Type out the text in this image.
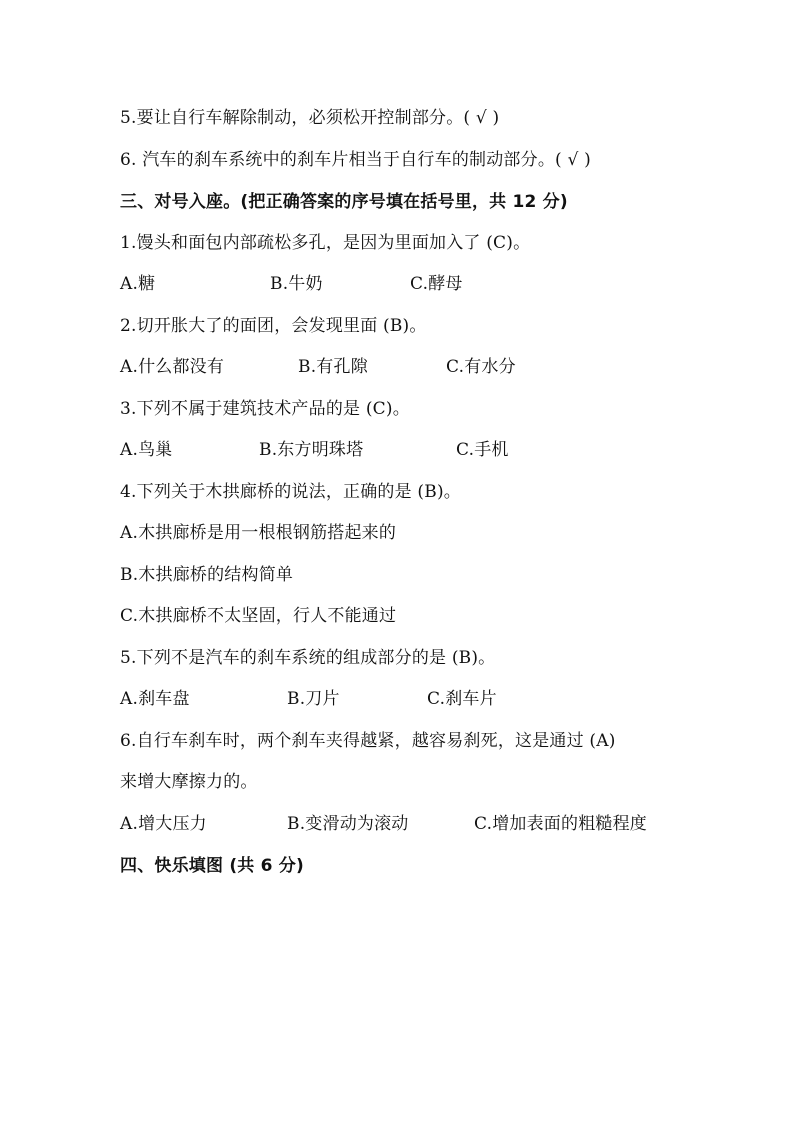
5.要让自行车解除制动，必须松开控制部分。( √ )
6. 汽车的刹车系统中的刹车片相当于自行车的制动部分。( √ )
三、对号入座。(把正确答案的序号填在括号里，共 12 分)
1.馒头和面包内部疏松多孔，是因为里面加入了 (C)。
A.糖	B.牛奶	C.酵母
2.切开胀大了的面团，会发现里面 (B)。
A.什么都没有	B.有孔隙	C.有水分
3.下列不属于建筑技术产品的是 (C)。
A.鸟巢	B.东方明珠塔	C.手机
4.下列关于木拱廊桥的说法，正确的是 (B)。
A.木拱廊桥是用一根根钢筋搭起来的
B.木拱廊桥的结构简单
C.木拱廊桥不太坚固，行人不能通过
5.下列不是汽车的刹车系统的组成部分的是 (B)。
A.刹车盘	B.刀片	C.刹车片
6.自行车刹车时，两个刹车夹得越紧，越容易刹死，这是通过 (A)
来增大摩擦力的。
A.增大压力	B.变滑动为滚动	C.增加表面的粗糙程度
四、快乐填图 (共 6 分)
